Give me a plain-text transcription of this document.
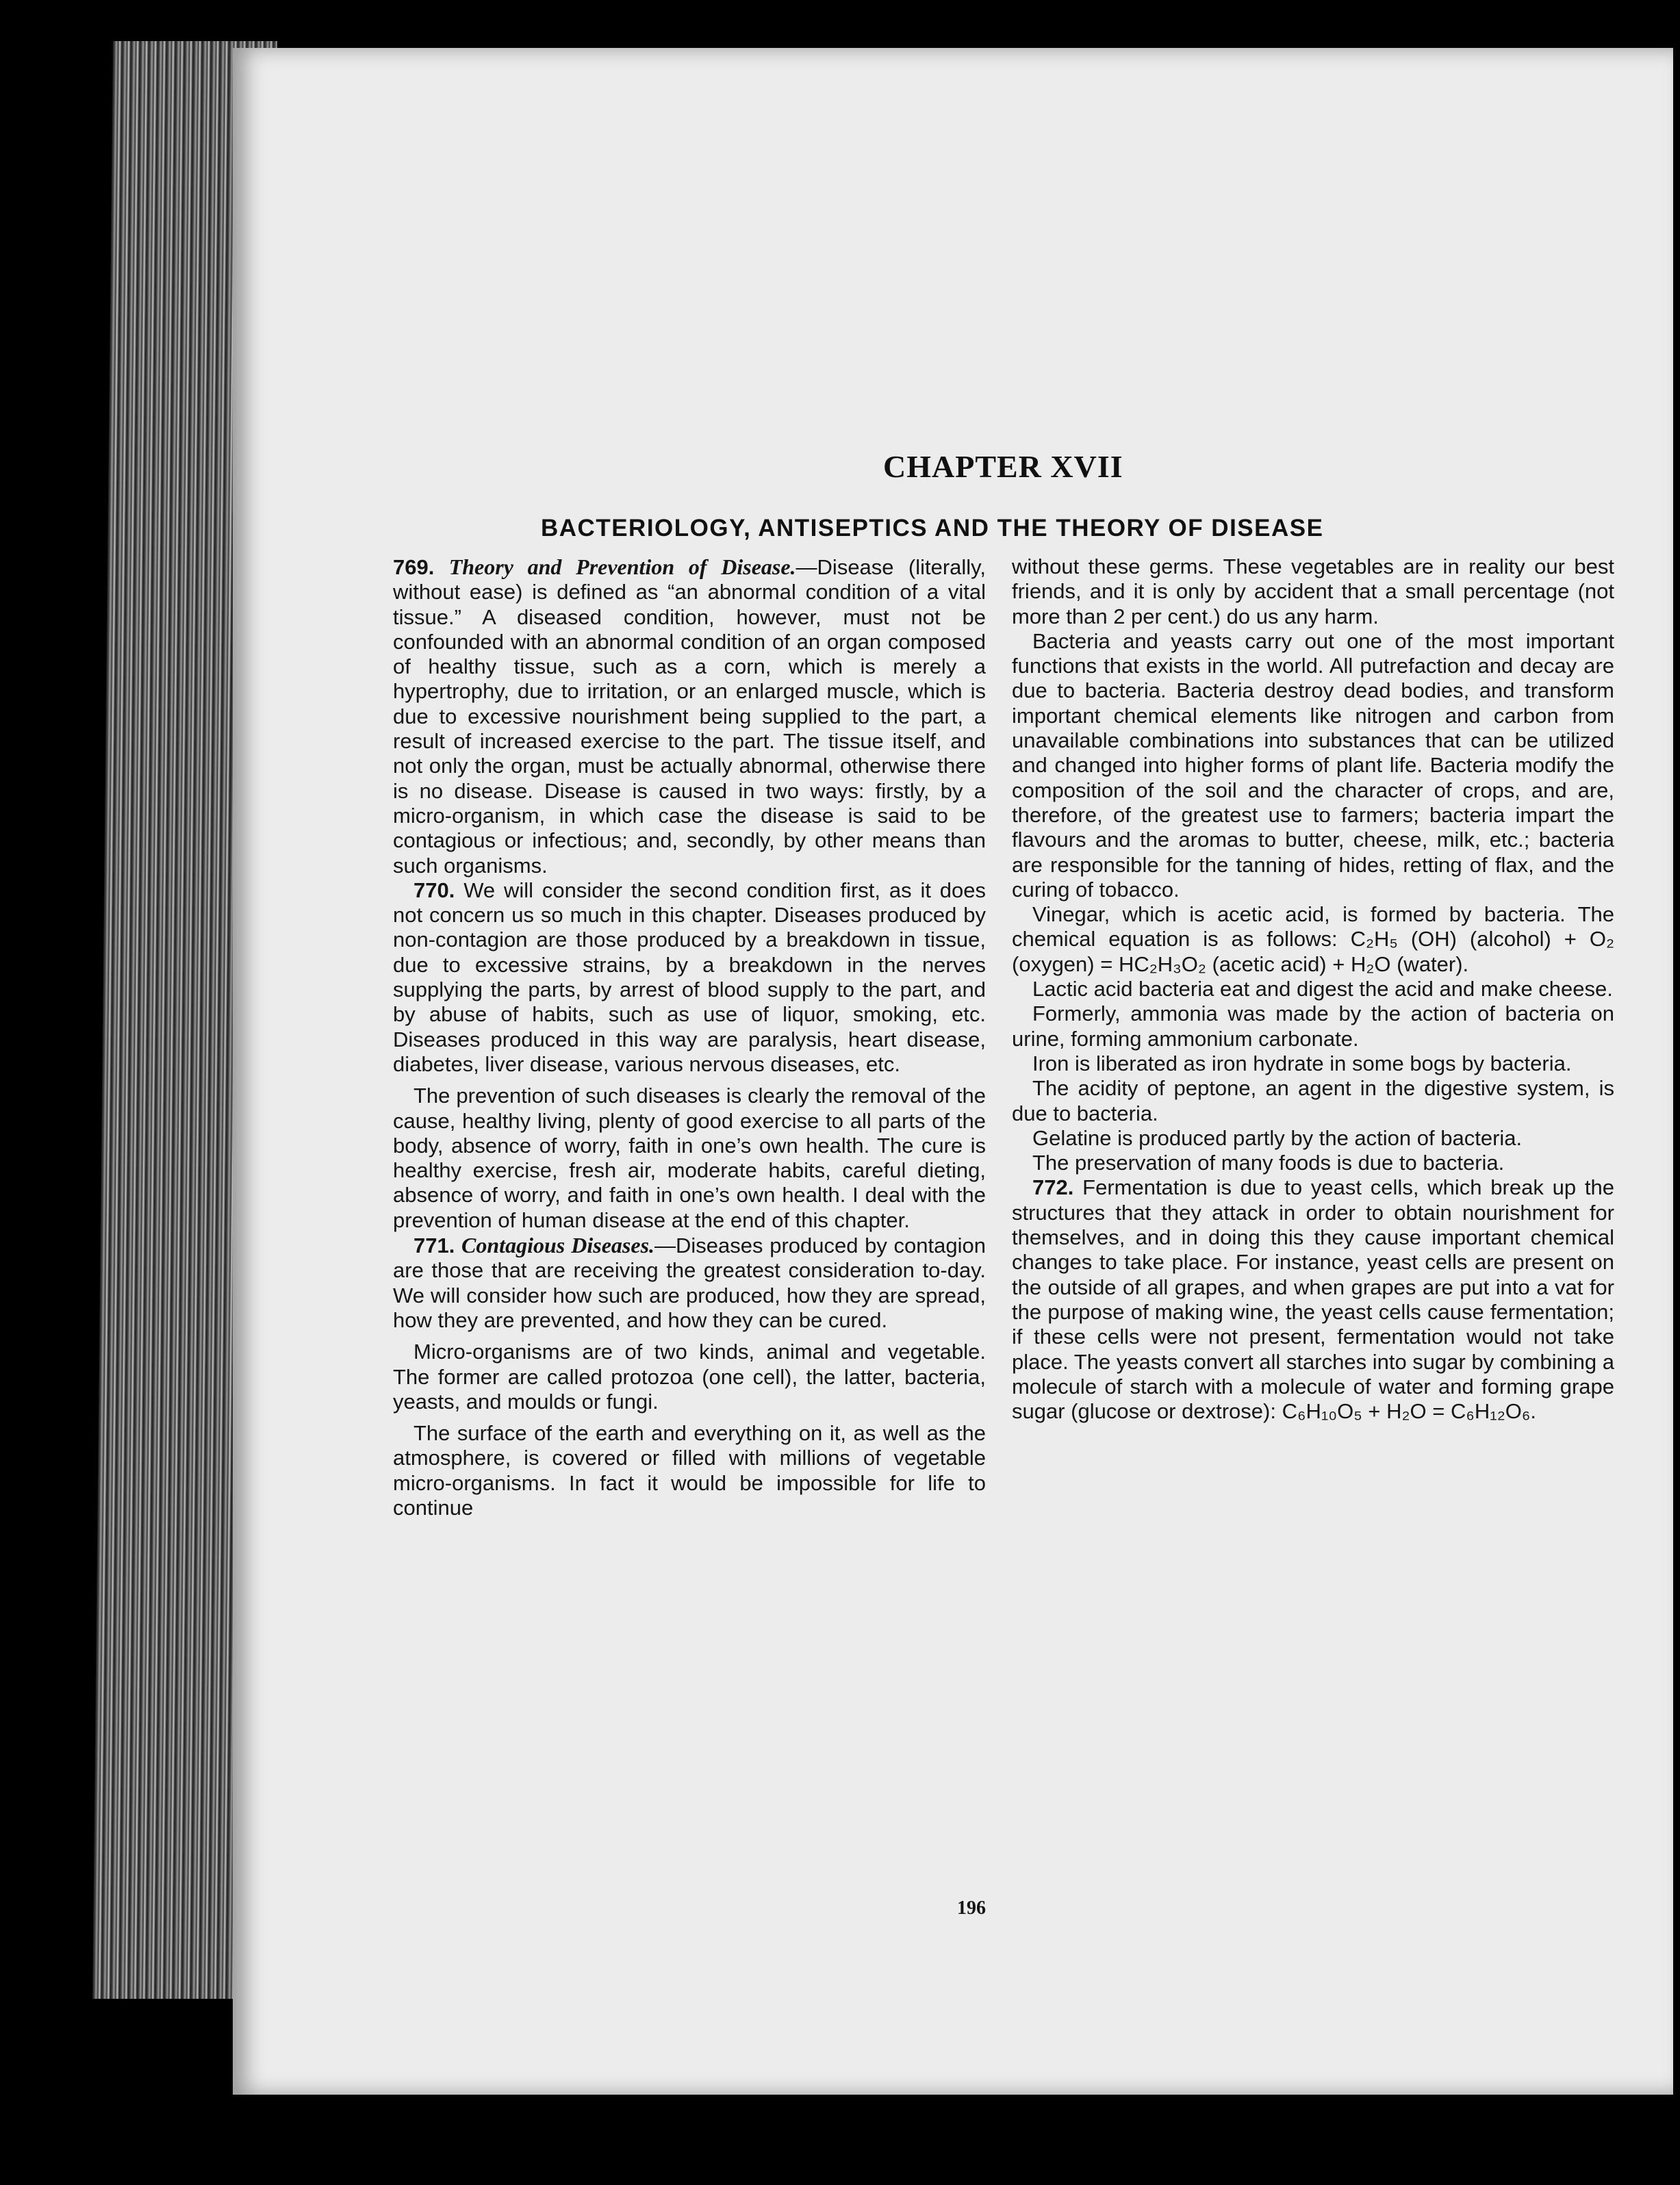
CHAPTER XVII
BACTERIOLOGY, ANTISEPTICS AND THE THEORY OF DISEASE

769. Theory and Prevention of Disease.—Disease (literally, without ease) is defined as “an abnormal condition of a vital tissue.” A diseased condition, however, must not be confounded with an abnormal condition of an organ composed of healthy tissue, such as a corn, which is merely a hypertrophy, due to irritation, or an enlarged muscle, which is due to excessive nourishment being supplied to the part, a result of increased exercise to the part. The tissue itself, and not only the organ, must be actually abnormal, otherwise there is no disease. Disease is caused in two ways: firstly, by a micro-organism, in which case the disease is said to be contagious or infectious; and, secondly, by other means than such organisms.

770. We will consider the second condition first, as it does not concern us so much in this chapter. Diseases produced by non-contagion are those produced by a breakdown in tissue, due to excessive strains, by a breakdown in the nerves supplying the parts, by arrest of blood supply to the part, and by abuse of habits, such as use of liquor, smoking, etc. Diseases produced in this way are paralysis, heart disease, diabetes, liver disease, various nervous diseases, etc.

The prevention of such diseases is clearly the removal of the cause, healthy living, plenty of good exercise to all parts of the body, absence of worry, faith in one’s own health. The cure is healthy exercise, fresh air, moderate habits, careful dieting, absence of worry, and faith in one’s own health. I deal with the prevention of human disease at the end of this chapter.

771. Contagious Diseases.—Diseases produced by contagion are those that are receiving the greatest consideration to-day. We will consider how such are produced, how they are spread, how they are prevented, and how they can be cured.

Micro-organisms are of two kinds, animal and vegetable. The former are called protozoa (one cell), the latter, bacteria, yeasts, and moulds or fungi.

The surface of the earth and everything on it, as well as the atmosphere, is covered or filled with millions of vegetable micro-organisms. In fact it would be impossible for life to continue

without these germs. These vegetables are in reality our best friends, and it is only by accident that a small percentage (not more than 2 per cent.) do us any harm.

Bacteria and yeasts carry out one of the most important functions that exists in the world. All putrefaction and decay are due to bacteria. Bacteria destroy dead bodies, and transform important chemical elements like nitrogen and carbon from unavailable combinations into substances that can be utilized and changed into higher forms of plant life. Bacteria modify the composition of the soil and the character of crops, and are, therefore, of the greatest use to farmers; bacteria impart the flavours and the aromas to butter, cheese, milk, etc.; bacteria are responsible for the tanning of hides, retting of flax, and the curing of tobacco.

Vinegar, which is acetic acid, is formed by bacteria. The chemical equation is as follows: C₂H₅ (OH) (alcohol) + O₂ (oxygen) = HC₂H₃O₂ (acetic acid) + H₂O (water).

Lactic acid bacteria eat and digest the acid and make cheese.

Formerly, ammonia was made by the action of bacteria on urine, forming ammonium carbonate.

Iron is liberated as iron hydrate in some bogs by bacteria.

The acidity of peptone, an agent in the digestive system, is due to bacteria.

Gelatine is produced partly by the action of bacteria.

The preservation of many foods is due to bacteria.

772. Fermentation is due to yeast cells, which break up the structures that they attack in order to obtain nourishment for themselves, and in doing this they cause important chemical changes to take place. For instance, yeast cells are present on the outside of all grapes, and when grapes are put into a vat for the purpose of making wine, the yeast cells cause fermentation; if these cells were not present, fermentation would not take place. The yeasts convert all starches into sugar by combining a molecule of starch with a molecule of water and forming grape sugar (glucose or dextrose): C₆H₁₀O₅ + H₂O = C₆H₁₂O₆.

196
